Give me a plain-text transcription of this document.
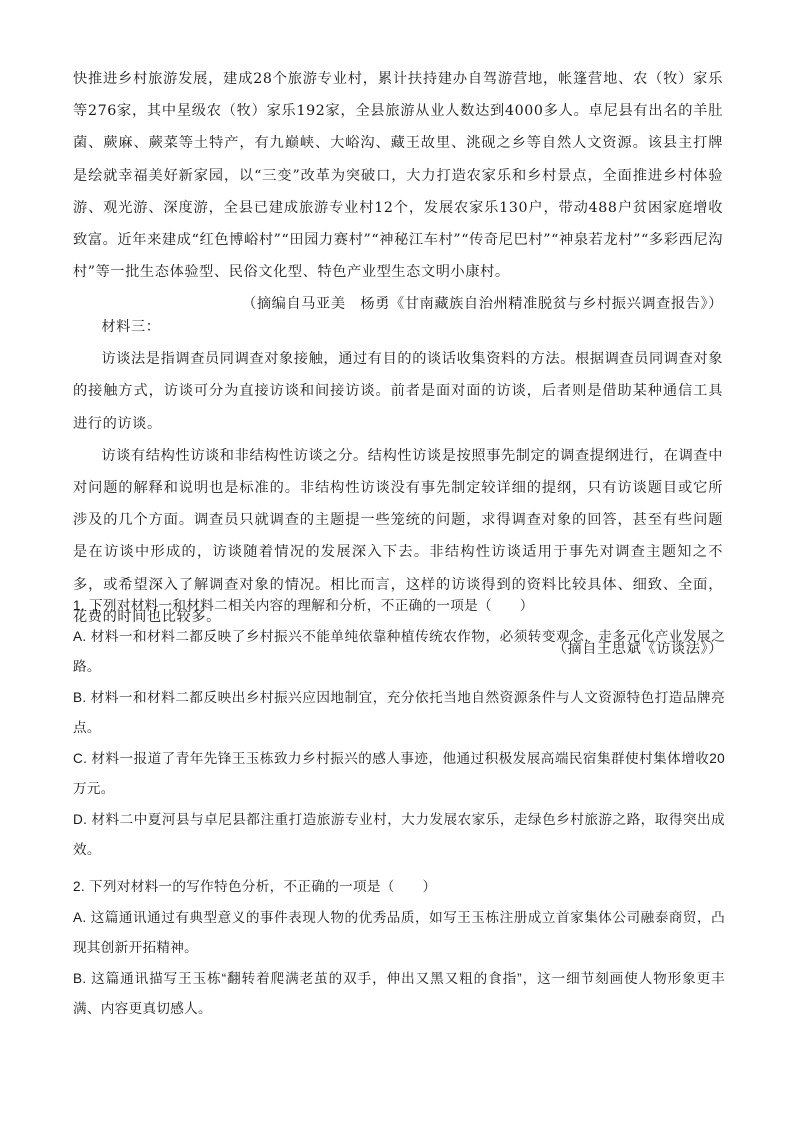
快推进乡村旅游发展，建成28个旅游专业村，累计扶持建办自驾游营地，帐篷营地、农（牧）家乐等276家，其中星级农（牧）家乐192家，全县旅游从业人数达到4000多人。卓尼县有出名的羊肚菌、蕨麻、蕨菜等土特产，有九巅峡、大峪沟、藏王故里、洮砚之乡等自然人文资源。该县主打牌是绘就幸福美好新家园，以“三变”改革为突破口，大力打造农家乐和乡村景点，全面推进乡村体验游、观光游、深度游，全县已建成旅游专业村12个，发展农家乐130户，带动488户贫困家庭增收致富。近年来建成“红色博峪村”“田园力赛村”“神秘江车村”“传奇尼巴村”“神泉若龙村”“多彩西尼沟村”等一批生态体验型、民俗文化型、特色产业型生态文明小康村。

（摘编自马亚美　杨勇《甘南藏族自治州精准脱贫与乡村振兴调查报告》）

材料三：

访谈法是指调查员同调查对象接触，通过有目的的谈话收集资料的方法。根据调查员同调查对象的接触方式，访谈可分为直接访谈和间接访谈。前者是面对面的访谈，后者则是借助某种通信工具进行的访谈。

访谈有结构性访谈和非结构性访谈之分。结构性访谈是按照事先制定的调查提纲进行，在调查中对问题的解释和说明也是标准的。非结构性访谈没有事先制定较详细的提纲，只有访谈题目或它所涉及的几个方面。调查员只就调查的主题提一些笼统的问题，求得调查对象的回答，甚至有些问题是在访谈中形成的，访谈随着情况的发展深入下去。非结构性访谈适用于事先对调查主题知之不多，或希望深入了解调查对象的情况。相比而言，这样的访谈得到的资料比较具体、细致、全面，花费的时间也比较多。

（摘自王思斌《访谈法》）

1. 下列对材料一和材料二相关内容的理解和分析，不正确的一项是（　　）

A. 材料一和材料二都反映了乡村振兴不能单纯依靠种植传统农作物，必须转变观念，走多元化产业发展之路。

B. 材料一和材料二都反映出乡村振兴应因地制宜，充分依托当地自然资源条件与人文资源特色打造品牌亮点。

C. 材料一报道了青年先锋王玉栋致力乡村振兴的感人事迹，他通过积极发展高端民宿集群使村集体增收20万元。

D. 材料二中夏河县与卓尼县都注重打造旅游专业村，大力发展农家乐，走绿色乡村旅游之路，取得突出成效。

2. 下列对材料一的写作特色分析，不正确的一项是（　　）

A. 这篇通讯通过有典型意义的事件表现人物的优秀品质，如写王玉栋注册成立首家集体公司融泰商贸，凸现其创新开拓精神。

B. 这篇通讯描写王玉栋“翻转着爬满老茧的双手，伸出又黑又粗的食指”，这一细节刻画使人物形象更丰满、内容更真切感人。
